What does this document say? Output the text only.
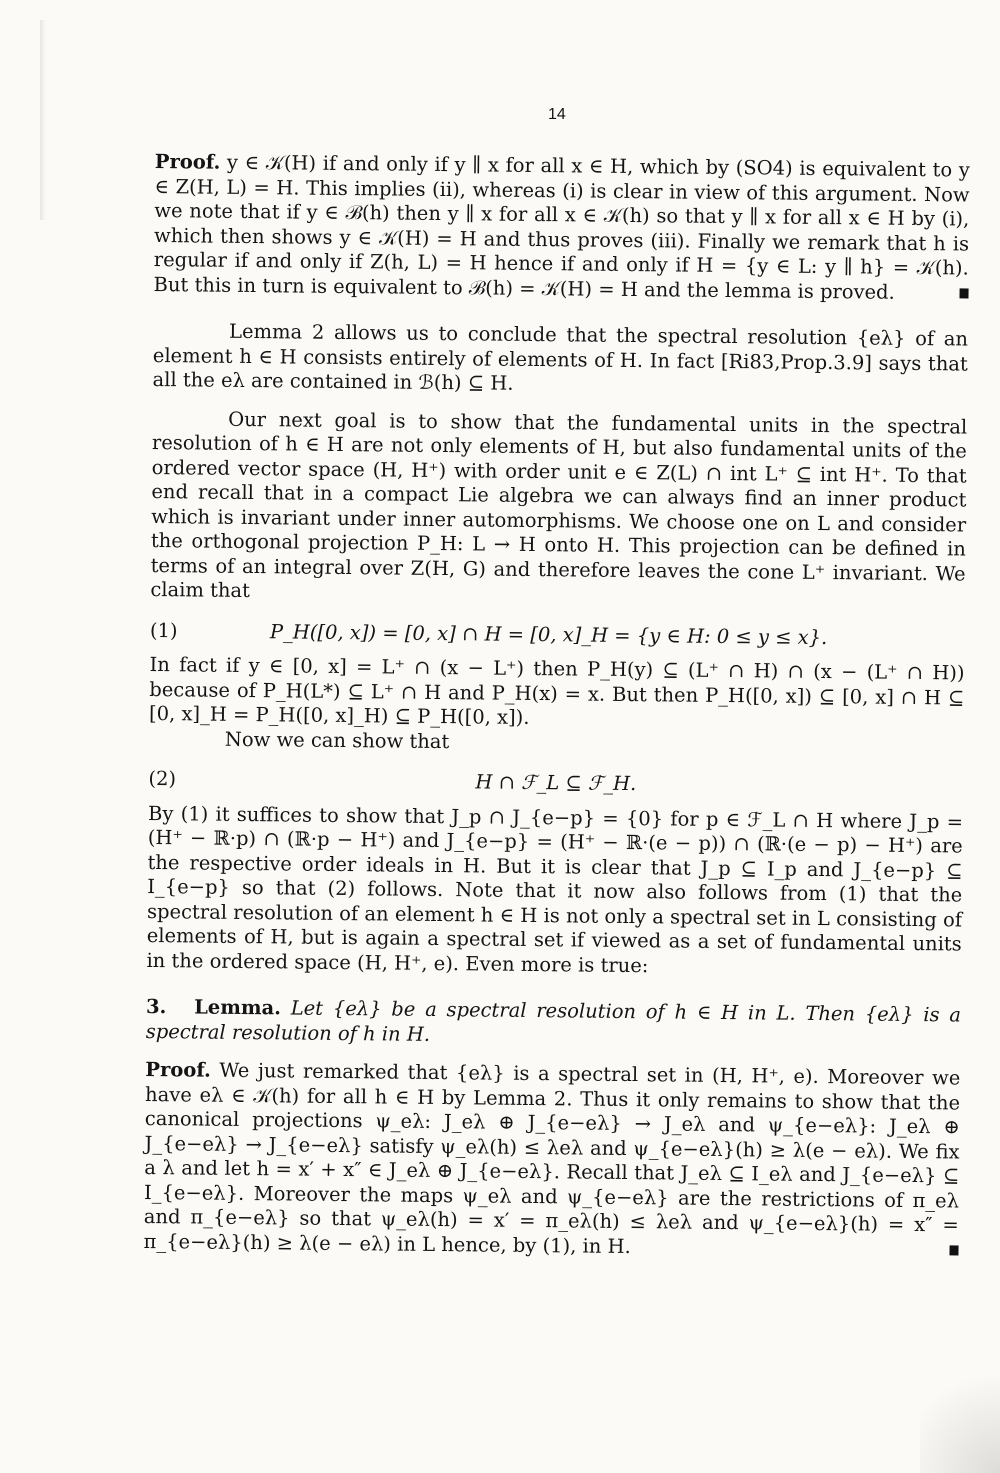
14

Proof. y ∈ 𝒦(H) if and only if y ∥ x for all x ∈ H, which by (SO4) is equivalent to y ∈ Z(H, L) = H. This implies (ii), whereas (i) is clear in view of this argument. Now we note that if y ∈ ℬ(h) then y ∥ x for all x ∈ 𝒦(h) so that y ∥ x for all x ∈ H by (i), which then shows y ∈ 𝒦(H) = H and thus proves (iii). Finally we remark that h is regular if and only if Z(h, L) = H hence if and only if H = {y ∈ L: y ∥ h} = 𝒦(h). But this in turn is equivalent to ℬ(h) = 𝒦(H) = H and the lemma is proved.

Lemma 2 allows us to conclude that the spectral resolution {eλ} of an element h ∈ H consists entirely of elements of H. In fact [Ri83,Prop.3.9] says that all the eλ are contained in ℬ(h) ⊆ H.

Our next goal is to show that the fundamental units in the spectral resolution of h ∈ H are not only elements of H, but also fundamental units of the ordered vector space (H, H⁺) with order unit e ∈ Z(L) ∩ int L⁺ ⊆ int H⁺. To that end recall that in a compact Lie algebra we can always find an inner product which is invariant under inner automorphisms. We choose one on L and consider the orthogonal projection P_H: L → H onto H. This projection can be defined in terms of an integral over Z(H, G) and therefore leaves the cone L⁺ invariant. We claim that

(1)	P_H([0, x]) = [0, x] ∩ H = [0, x]_H = {y ∈ H: 0 ≤ y ≤ x}.

In fact if y ∈ [0, x] = L⁺ ∩ (x − L⁺) then P_H(y) ⊆ (L⁺ ∩ H) ∩ (x − (L⁺ ∩ H)) because of P_H(L*) ⊆ L⁺ ∩ H and P_H(x) = x. But then P_H([0, x]) ⊆ [0, x] ∩ H ⊆ [0, x]_H = P_H([0, x]_H) ⊆ P_H([0, x]).

Now we can show that

(2)	H ∩ ℱ_L ⊆ ℱ_H.

By (1) it suffices to show that J_p ∩ J_{e−p} = {0} for p ∈ ℱ_L ∩ H where J_p = (H⁺ − ℝ·p) ∩ (ℝ·p − H⁺) and J_{e−p} = (H⁺ − ℝ·(e − p)) ∩ (ℝ·(e − p) − H⁺) are the respective order ideals in H. But it is clear that J_p ⊆ I_p and J_{e−p} ⊆ I_{e−p} so that (2) follows. Note that it now also follows from (1) that the spectral resolution of an element h ∈ H is not only a spectral set in L consisting of elements of H, but is again a spectral set if viewed as a set of fundamental units in the ordered space (H, H⁺, e). Even more is true:

3. Lemma. Let {eλ} be a spectral resolution of h ∈ H in L. Then {eλ} is a spectral resolution of h in H.

Proof. We just remarked that {eλ} is a spectral set in (H, H⁺, e). Moreover we have eλ ∈ 𝒦(h) for all h ∈ H by Lemma 2. Thus it only remains to show that the canonical projections ψ_eλ: J_eλ ⊕ J_{e−eλ} → J_eλ and ψ_{e−eλ}: J_eλ ⊕ J_{e−eλ} → J_{e−eλ} satisfy ψ_eλ(h) ≤ λeλ and ψ_{e−eλ}(h) ≥ λ(e − eλ). We fix a λ and let h = x′ + x″ ∈ J_eλ ⊕ J_{e−eλ}. Recall that J_eλ ⊆ I_eλ and J_{e−eλ} ⊆ I_{e−eλ}. Moreover the maps ψ_eλ and ψ_{e−eλ} are the restrictions of π_eλ and π_{e−eλ} so that ψ_eλ(h) = x′ = π_eλ(h) ≤ λeλ and ψ_{e−eλ}(h) = x″ = π_{e−eλ}(h) ≥ λ(e − eλ) in L hence, by (1), in H.
